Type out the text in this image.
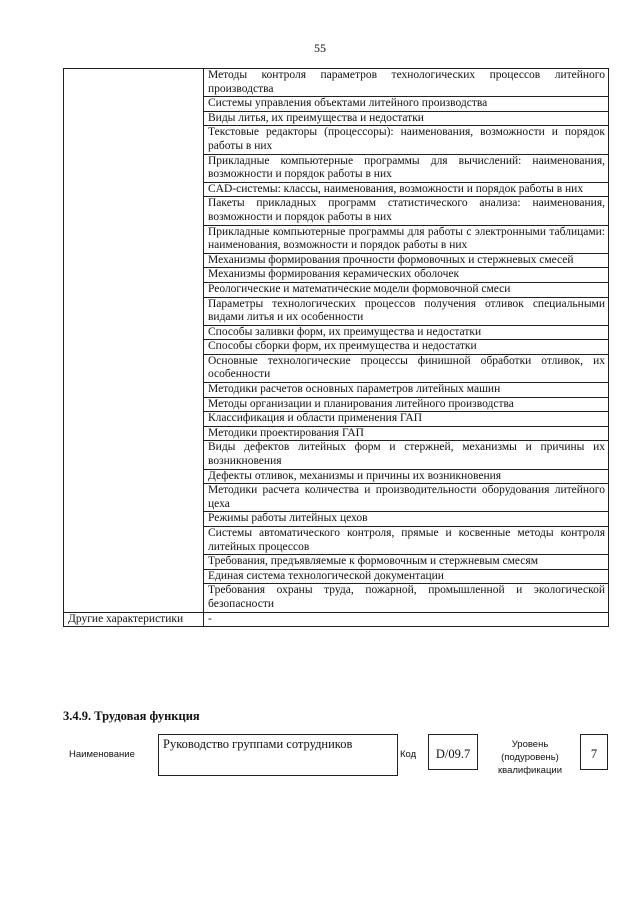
55
	Методы контроля параметров технологических процессов литейного производства
	Системы управления объектами литейного производства
	Виды литья, их преимущества и недостатки
	Текстовые редакторы (процессоры): наименования, возможности и порядок работы в них
	Прикладные компьютерные программы для вычислений: наименования, возможности и порядок работы в них
	CAD-системы: классы, наименования, возможности и порядок работы в них
	Пакеты прикладных программ статистического анализа: наименования, возможности и порядок работы в них
	Прикладные компьютерные программы для работы с электронными таблицами: наименования, возможности и порядок работы в них
	Механизмы формирования прочности формовочных и стержневых смесей
	Механизмы формирования керамических оболочек
	Реологические и математические модели формовочной смеси
	Параметры технологических процессов получения отливок специальными видами литья и их особенности
	Способы заливки форм, их преимущества и недостатки
	Способы сборки форм, их преимущества и недостатки
	Основные технологические процессы финишной обработки отливок, их особенности
	Методики расчетов основных параметров литейных машин
	Методы организации и планирования литейного производства
	Классификация и области применения ГАП
	Методики проектирования ГАП
	Виды дефектов литейных форм и стержней, механизмы и причины их возникновения
	Дефекты отливок, механизмы и причины их возникновения
	Методики расчета количества и производительности оборудования литейного цеха
	Режимы работы литейных цехов
	Системы автоматического контроля, прямые и косвенные методы контроля литейных процессов
	Требования, предъявляемые к формовочным и стержневым смесям
	Единая система технологической документации
	Требования охраны труда, пожарной, промышленной и экологической безопасности
Другие характеристики	-
3.4.9. Трудовая функция
Наименование
Руководство группами сотрудников
Код	D/09.7
Уровень (подуровень) квалификации
7
